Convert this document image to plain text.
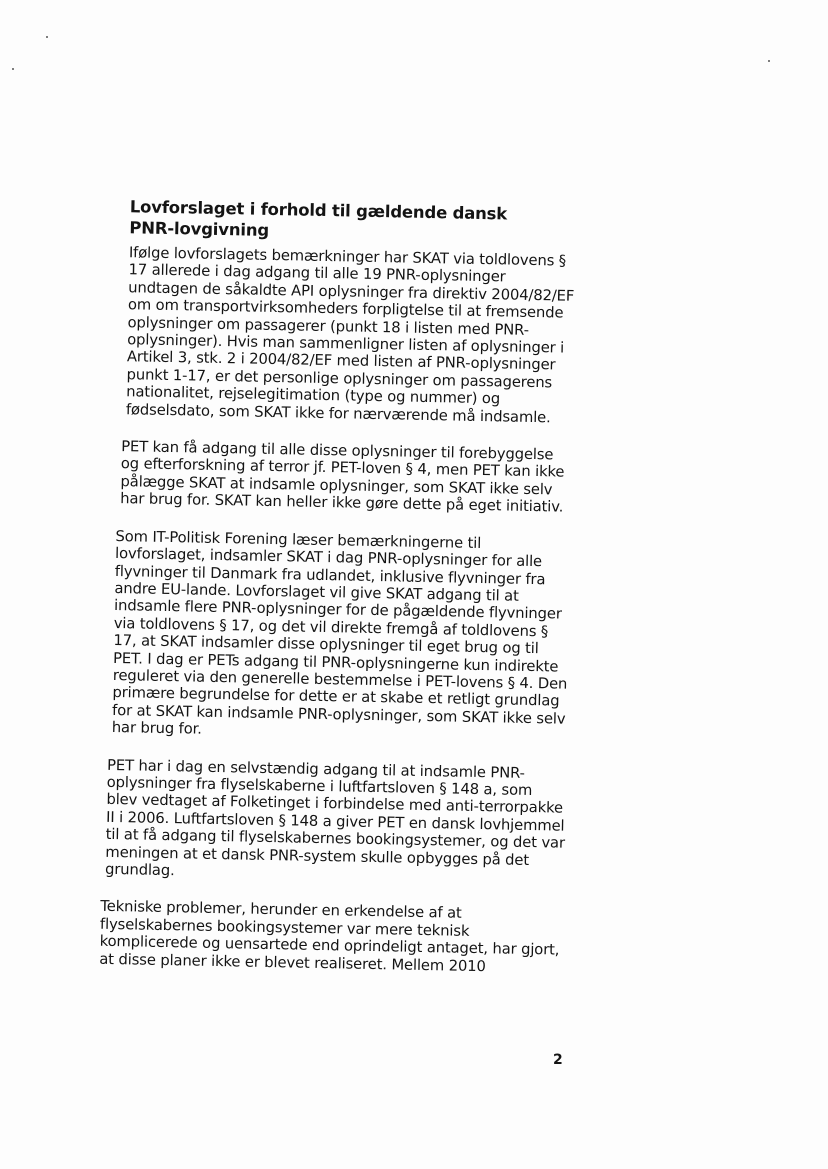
Lovforslaget i forhold til gældende dansk PNR-lovgivning

Ifølge lovforslagets bemærkninger har SKAT via toldlovens § 17 allerede i dag adgang til alle 19 PNR-oplysninger undtagen de såkaldte API oplysninger fra direktiv 2004/82/EF om om transportvirksomheders forpligtelse til at fremsende oplysninger om passagerer (punkt 18 i listen med PNR-oplysninger). Hvis man sammenligner listen af oplysninger i Artikel 3, stk. 2 i 2004/82/EF med listen af PNR-oplysninger punkt 1-17, er det personlige oplysninger om passagerens nationalitet, rejselegitimation (type og nummer) og fødselsdato, som SKAT ikke for nærværende må indsamle.

PET kan få adgang til alle disse oplysninger til forebyggelse og efterforskning af terror jf. PET-loven § 4, men PET kan ikke pålægge SKAT at indsamle oplysninger, som SKAT ikke selv har brug for. SKAT kan heller ikke gøre dette på eget initiativ.

Som IT-Politisk Forening læser bemærkningerne til lovforslaget, indsamler SKAT i dag PNR-oplysninger for alle flyvninger til Danmark fra udlandet, inklusive flyvninger fra andre EU-lande. Lovforslaget vil give SKAT adgang til at indsamle flere PNR-oplysninger for de pågældende flyvninger via toldlovens § 17, og det vil direkte fremgå af toldlovens § 17, at SKAT indsamler disse oplysninger til eget brug og til PET. I dag er PETs adgang til PNR-oplysningerne kun indirekte reguleret via den generelle bestemmelse i PET-lovens § 4. Den primære begrundelse for dette er at skabe et retligt grundlag for at SKAT kan indsamle PNR-oplysninger, som SKAT ikke selv har brug for.

PET har i dag en selvstændig adgang til at indsamle PNR-oplysninger fra flyselskaberne i luftfartsloven § 148 a, som blev vedtaget af Folketinget i forbindelse med anti-terrorpakke II i 2006. Luftfartsloven § 148 a giver PET en dansk lovhjemmel til at få adgang til flyselskabernes bookingsystemer, og det var meningen at et dansk PNR-system skulle opbygges på det grundlag.

Tekniske problemer, herunder en erkendelse af at flyselskabernes bookingsystemer var mere teknisk komplicerede og uensartede end oprindeligt antaget, har gjort, at disse planer ikke er blevet realiseret. Mellem 2010

2
